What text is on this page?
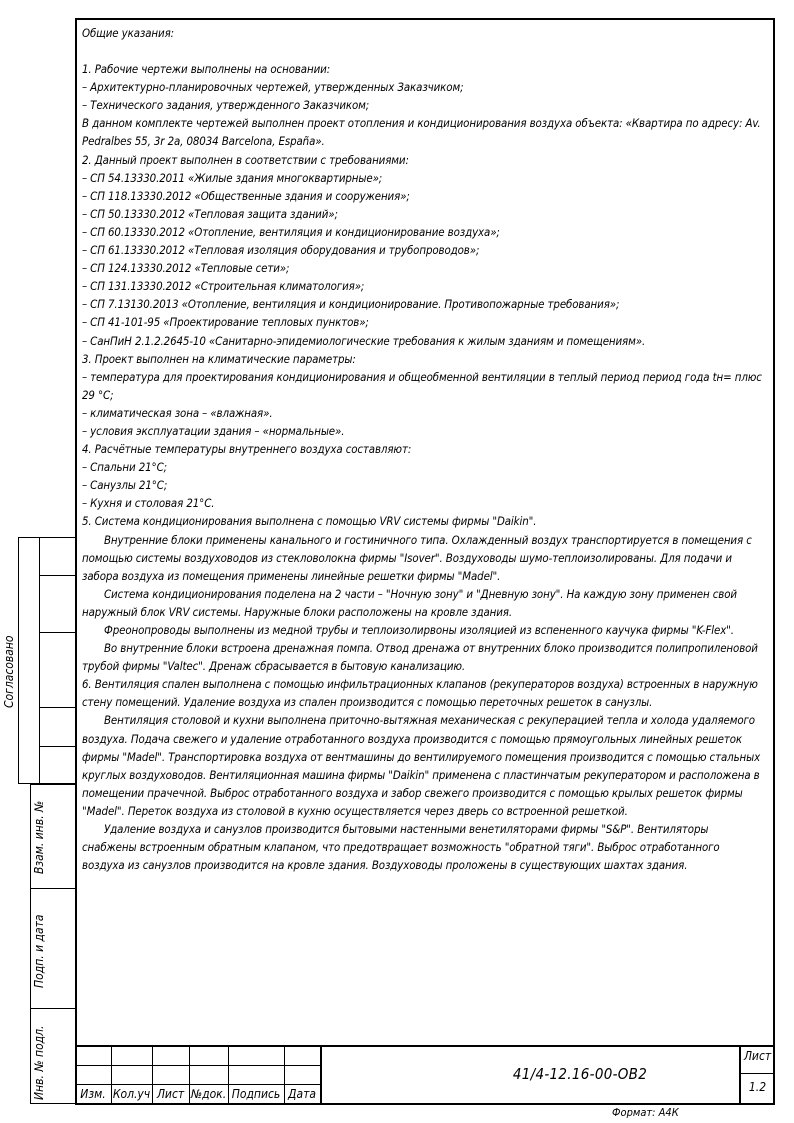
Общие указания:

1. Рабочие чертежи выполнены на основании:

– Архитектурно-планировочных чертежей, утвержденных Заказчиком;

– Технического задания, утвержденного Заказчиком;

В данном комплекте чертежей выполнен проект отопления и кондиционирования воздуха объекта: «Квартира по адресу: Av. Pedralbes 55, 3r 2a, 08034 Barcelona, España».

2. Данный проект выполнен в соответствии с требованиями:

– СП 54.13330.2011 «Жилые здания многоквартирные»;

– СП 118.13330.2012 «Общественные здания и сооружения»;

– СП 50.13330.2012 «Тепловая защита зданий»;

– СП 60.13330.2012 «Отопление, вентиляция и кондиционирование воздуха»;

– СП 61.13330.2012 «Тепловая изоляция оборудования и трубопроводов»;

– СП 124.13330.2012 «Тепловые сети»;

– СП 131.13330.2012 «Строительная климатология»;

– СП 7.13130.2013 «Отопление, вентиляция и кондиционирование. Противопожарные требования»;

– СП 41-101-95 «Проектирование тепловых пунктов»;

– СанПиН 2.1.2.2645-10 «Санитарно-эпидемиологические требования к жилым зданиям и помещениям».

3. Проект выполнен на климатические параметры:

– температура для проектирования кондиционирования и общеобменной вентиляции в теплый период период года tн= плюс 29 °С;

– климатическая зона – «влажная».

– условия эксплуатации здания – «нормальные».

4. Расчётные температуры внутреннего воздуха составляют:

– Спальни 21°С;

– Санузлы 21°С;

– Кухня и столовая 21°С.

5. Система кондиционирования выполнена с помощью VRV системы фирмы "Daikin".

Внутренние блоки применены канального и гостиничного типа. Охлажденный воздух транспортируется в помещения с помощью системы воздуховодов из стекловолокна фирмы "Isover". Воздуховоды шумо-теплоизолированы. Для подачи и забора воздуха из помещения применены линейные решетки фирмы "Madel".

Система кондиционирования поделена на 2 части – "Ночную зону" и "Дневную зону". На каждую зону применен свой наружный блок VRV системы. Наружные блоки расположены на кровле здания.

Фреонопроводы выполнены из медной трубы и теплоизолирвоны изоляцией из вспененного каучука фирмы "K-Flex".

Во внутренние блоки встроена дренажная помпа. Отвод дренажа от внутренних блоко производится полипропиленовой трубой фирмы "Valtec". Дренаж сбрасывается в бытовую канализацию.

6. Вентиляция спален выполнена с помощью инфильтрационных клапанов (рекуператоров воздуха) встроенных в наружную стену помещений. Удаление воздуха из спален производится с помощью переточных решеток в санузлы.

Вентиляция столовой и кухни выполнена приточно-вытяжная механическая с рекуперацией тепла и холода удаляемого воздуха. Подача свежего и удаление отработанного воздуха производится с помощью прямоугольных линейных решеток фирмы "Madel". Транспортировка воздуха от вентмашины до вентилируемого помещения производится с помощью стальных круглых воздуховодов. Вентиляционная машина фирмы "Daikin" применена с пластинчатым рекуператором и расположена в помещении прачечной. Выброс отработанного воздуха и забор свежего производится с помощью крылых решеток фирмы "Madel". Переток воздуха из столовой в кухню осуществляется через дверь со встроенной решеткой.

Удаление воздуха и санузлов производится бытовыми настенными венетиляторами фирмы "S&P". Вентиляторы снабжены встроенным обратным клапаном, что предотвращает возможность "обратной тяги". Выброс отработанного воздуха из санузлов производится на кровле здания. Воздуховоды проложены в существующих шахтах здания.

Согласовано
Взам. инв. №
Подп. и дата
Инв. № подл.	Изм. Кол.уч Лист №док. Подпись Дата
41/4-12.16-00-ОВ2
Лист
1.2
Формат: А4К
